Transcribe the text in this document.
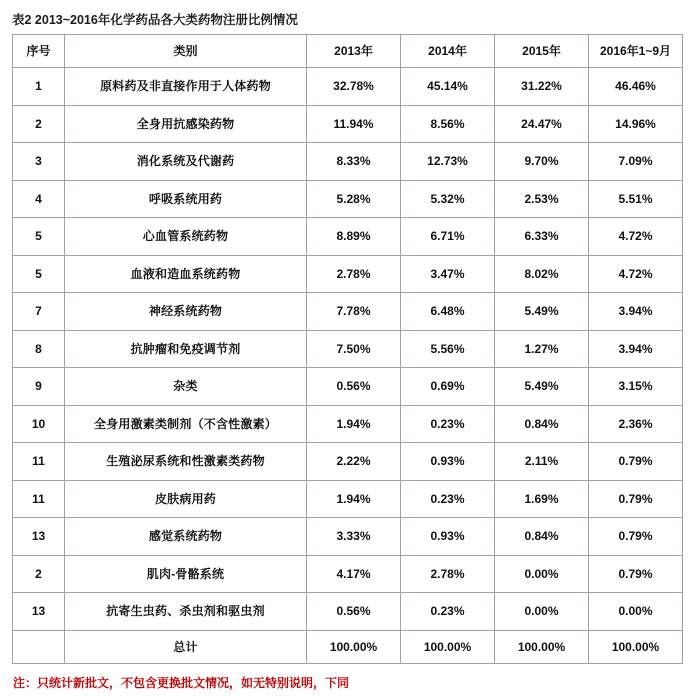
表2 2013~2016年化学药品各大类药物注册比例情况
序号	类别	2013年	2014年	2015年	2016年1~9月
1	原料药及非直接作用于人体药物	32.78%	45.14%	31.22%	46.46%
2	全身用抗感染药物	11.94%	8.56%	24.47%	14.96%
3	消化系统及代谢药	8.33%	12.73%	9.70%	7.09%
4	呼吸系统用药	5.28%	5.32%	2.53%	5.51%
5	心血管系统药物	8.89%	6.71%	6.33%	4.72%
5	血液和造血系统药物	2.78%	3.47%	8.02%	4.72%
7	神经系统药物	7.78%	6.48%	5.49%	3.94%
8	抗肿瘤和免疫调节剂	7.50%	5.56%	1.27%	3.94%
9	杂类	0.56%	0.69%	5.49%	3.15%
10	全身用激素类制剂（不含性激素）	1.94%	0.23%	0.84%	2.36%
11	生殖泌尿系统和性激素类药物	2.22%	0.93%	2.11%	0.79%
11	皮肤病用药	1.94%	0.23%	1.69%	0.79%
13	感觉系统药物	3.33%	0.93%	0.84%	0.79%
2	肌肉-骨骼系统	4.17%	2.78%	0.00%	0.79%
13	抗寄生虫药、杀虫剂和驱虫剂	0.56%	0.23%	0.00%	0.00%
	总计	100.00%	100.00%	100.00%	100.00%
注：只统计新批文，不包含更换批文情况，如无特别说明，下同
